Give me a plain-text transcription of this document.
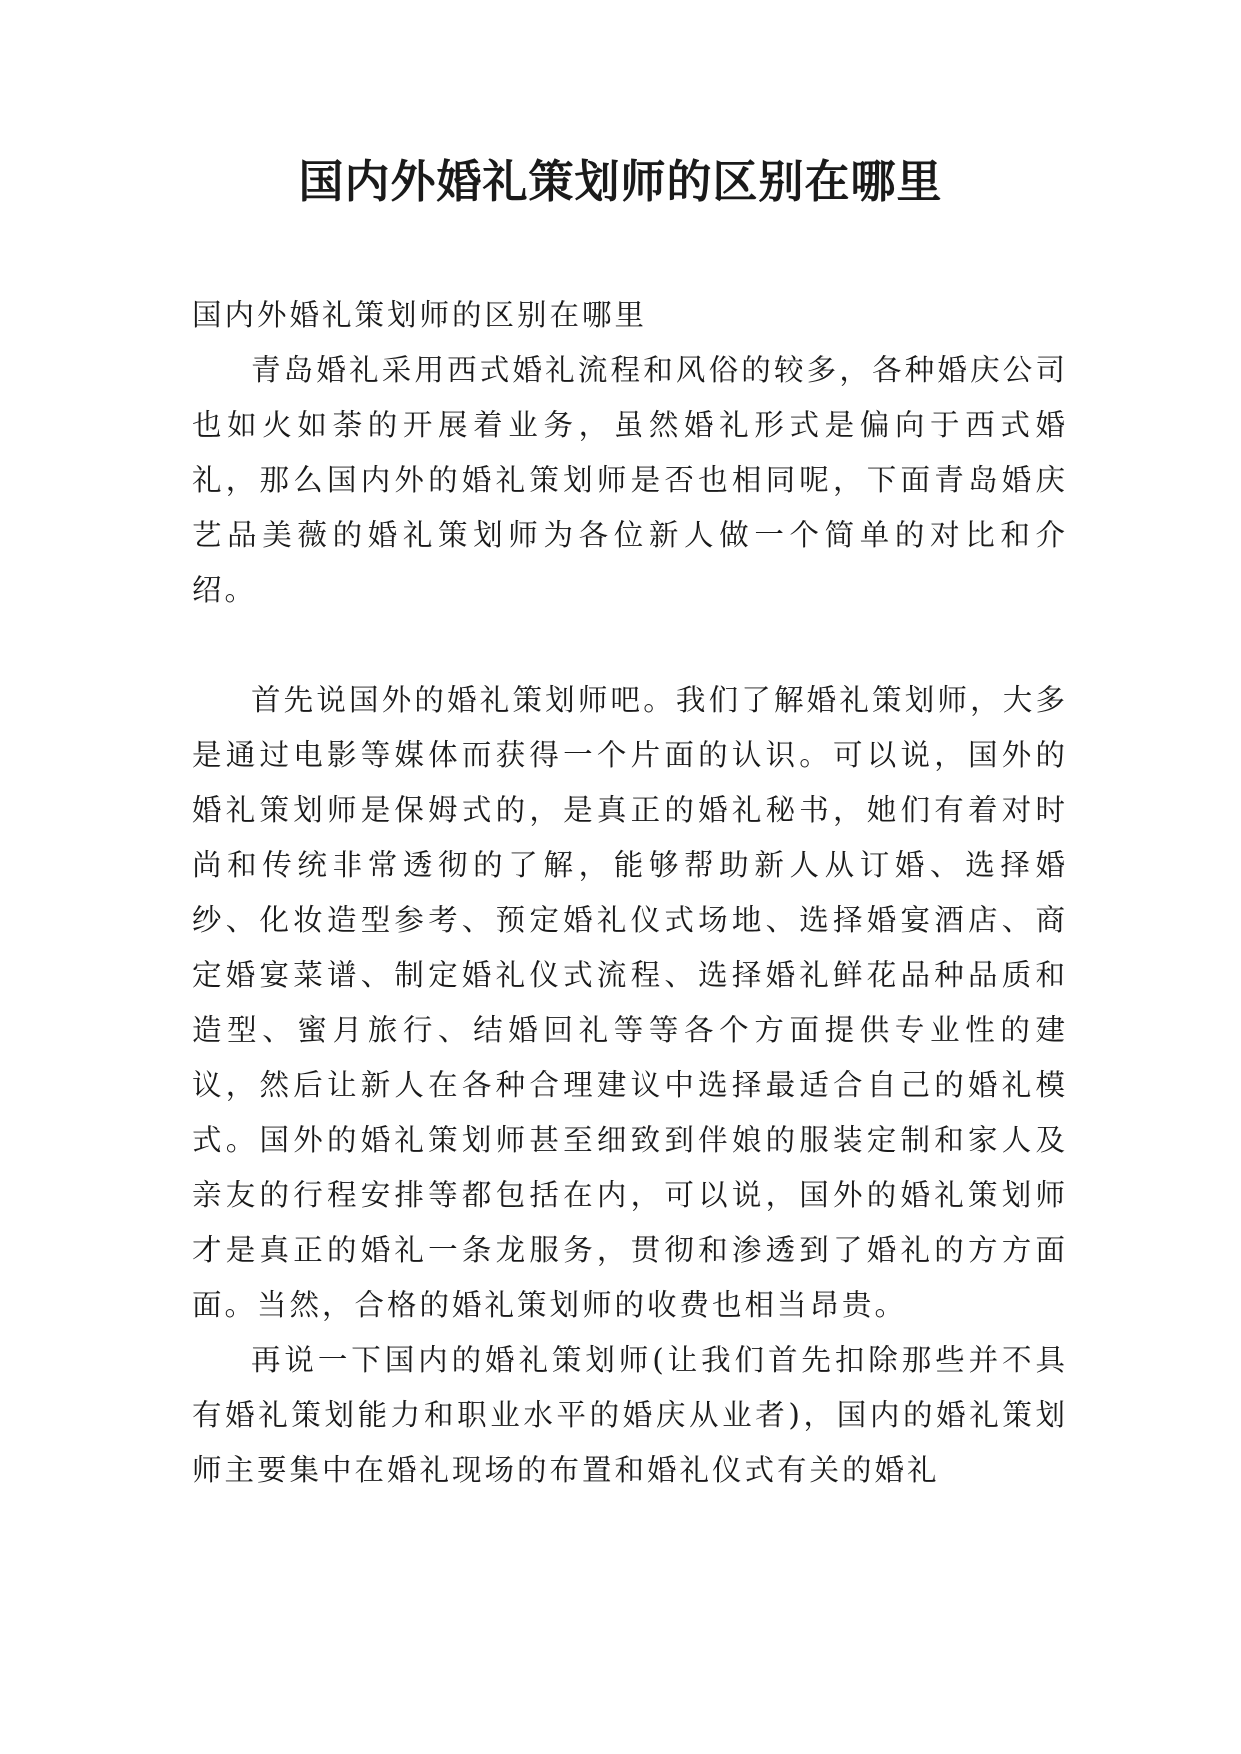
国内外婚礼策划师的区别在哪里

国内外婚礼策划师的区别在哪里

青岛婚礼采用西式婚礼流程和风俗的较多，各种婚庆公司也如火如荼的开展着业务，虽然婚礼形式是偏向于西式婚礼，那么国内外的婚礼策划师是否也相同呢，下面青岛婚庆艺品美薇的婚礼策划师为各位新人做一个简单的对比和介绍。

首先说国外的婚礼策划师吧。我们了解婚礼策划师，大多是通过电影等媒体而获得一个片面的认识。可以说，国外的婚礼策划师是保姆式的，是真正的婚礼秘书，她们有着对时尚和传统非常透彻的了解，能够帮助新人从订婚、选择婚纱、化妆造型参考、预定婚礼仪式场地、选择婚宴酒店、商定婚宴菜谱、制定婚礼仪式流程、选择婚礼鲜花品种品质和造型、蜜月旅行、结婚回礼等等各个方面提供专业性的建议，然后让新人在各种合理建议中选择最适合自己的婚礼模式。国外的婚礼策划师甚至细致到伴娘的服装定制和家人及亲友的行程安排等都包括在内，可以说，国外的婚礼策划师才是真正的婚礼一条龙服务，贯彻和渗透到了婚礼的方方面面。当然，合格的婚礼策划师的收费也相当昂贵。

再说一下国内的婚礼策划师(让我们首先扣除那些并不具有婚礼策划能力和职业水平的婚庆从业者)，国内的婚礼策划师主要集中在婚礼现场的布置和婚礼仪式有关的婚礼
